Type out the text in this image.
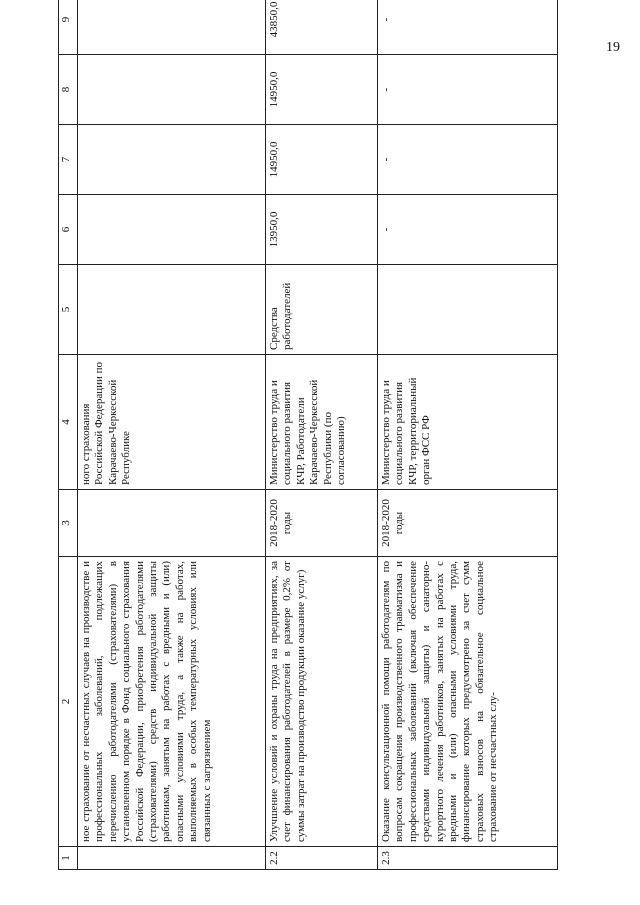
19
1	2	3	4	5	6	7	8	9
	ное страхование от несчастных случаев на производстве и профессиональных заболеваний, подлежащих перечислению работодателями (страхователями) в установленном порядке в Фонд социального страхования Российской Федерации, приобретения работодателями (страхователями) средств индивидуальной защиты работникам, занятым на работах с вредными и (или) опасными условиями труда, а также на работах, выполняемых в особых температурных условиях или связанных с загрязнением		ного страхования Российской Федерации по Карачаево-Черкесской Республике					
2.2	Улучшение условий и охраны труда на предприятиях, за счет финансирования работодателей в размере 0,2% от суммы затрат на производство продукции оказание услуг)	2018-2020 годы	Министерство труда и социального развития КЧР, Работодатели Карачаево-Черкесской Республики (по согласованию)	Средства работодателей	13950,0	14950,0	14950,0	43850,0
2.3	Оказание консультационной помощи работодателям по вопросам сокращения производственного травматизма и профессиональных заболеваний (включая обеспечение средствами индивидуальной защиты) и санаторно-курортного лечения работников, занятых на работах с вредными и (или) опасными условиями труда, финансирование которых предусмотрено за счет сумм страховых взносов на обязательное социальное страхование от несчастных слу-	2018-2020 годы	Министерство труда и социального развития КЧР, территориальный орган ФСС РФ		-	-	-	-
